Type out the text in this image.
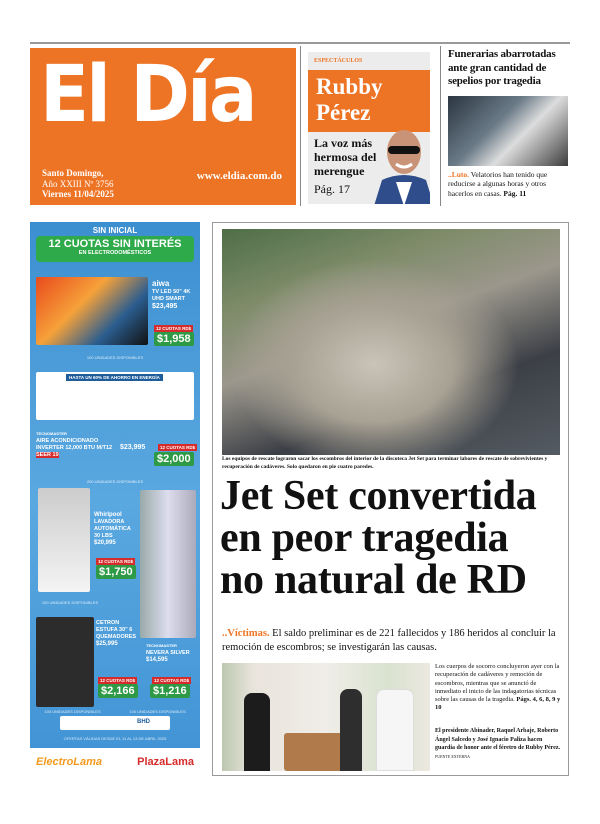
El Día
Santo Domingo,
Año XXIII Nº 3756
Viernes 11/04/2025
www.eldia.com.do
ESPECTÁCULOS
Rubby
Pérez
La voz más hermosa del merengue
Pág. 17
Funerarias abarrotadas ante gran cantidad de sepelios por tragedia
..Luto. Velatorios han tenido que reducirse a algunas horas y otros hacerlos en casas. Pág. 11
SIN INICIAL
12 CUOTAS SIN INTERÉS
EN ELECTRODOMÉSTICOS
aiwa
TV LED 50" 4K UHD SMART
$23,495
12 CUOTAS RD$
$1,958
100 UNIDADES DISPONIBLES
HASTA UN 60% DE AHORRO EN ENERGÍA
TECNOMASTER
AIRE ACONDICIONADO INVERTER 12,000 BTU M/T12 SEER 19
$23,995	12 CUOTAS RD$
$2,000
200 UNIDADES DISPONIBLES
Whirlpool
LAVADORA AUTOMÁTICA 30 LBS
$20,995
12 CUOTAS RD$
$1,750
100 UNIDADES DISPONIBLES
CETRON
ESTUFA 30" 6 QUEMADORES
$25,995
12 CUOTAS RD$
$2,166
TECNOMASTER
NEVERA SILVER
$14,595
12 CUOTAS RD$
$1,216
100 UNIDADES DISPONIBLES	100 UNIDADES DISPONIBLES
BHD
OFERTAS VÁLIDAS DESDE EL 11 AL 13 DE ABRIL 2025
ElectroLama	PlazaLama
Los equipos de rescate lograron sacar los escombros del interior de la discoteca Jet Set para terminar labores de rescate de sobrevivientes y recuperación de cadáveres. Solo quedaron en pie cuatro paredes.
Jet Set convertida
en peor tragedia
no natural de RD
..Víctimas. El saldo preliminar es de 221 fallecidos y 186 heridos al concluir la remoción de escombros; se investigarán las causas.
Los cuerpos de socorro concluyeron ayer con la recuperación de cadáveres y remoción de escombros, mientras que se anunció de inmediato el inicio de las indagatorias técnicas sobre las causas de la tragedia. Págs. 4, 6, 8, 9 y 10
El presidente Abinader, Raquel Arbaje, Roberto Ángel Salcedo y José Ignacio Paliza hacen guardia de honor ante el féretro de Rubby Pérez. FUENTE EXTERNA
